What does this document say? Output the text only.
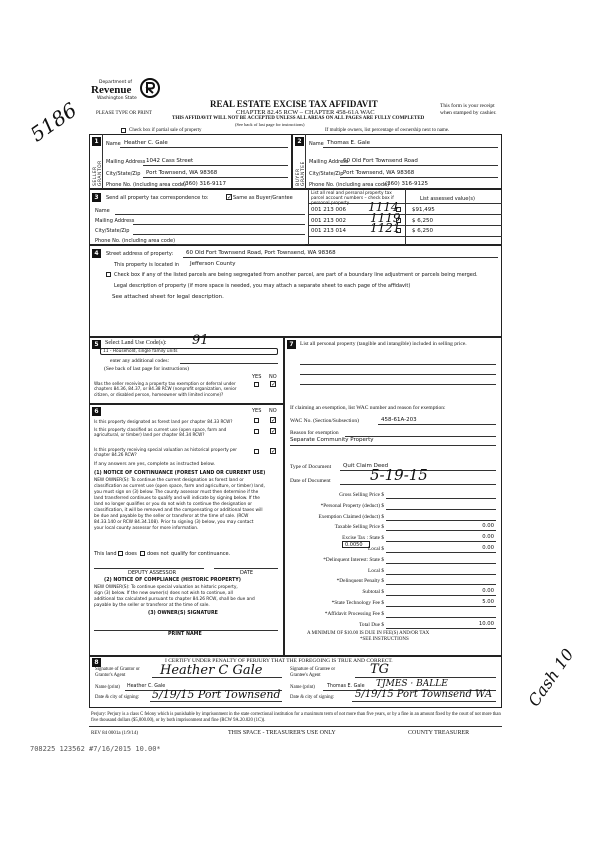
5186
Department of
Revenue
Washington State
REAL ESTATE EXCISE TAX AFFIDAVIT
CHAPTER 82.45 RCW – CHAPTER 458-61A WAC
THIS AFFIDAVIT WILL NOT BE ACCEPTED UNLESS ALL AREAS ON ALL PAGES ARE FULLY COMPLETED
(See back of last page for instructions)
PLEASE TYPE OR PRINT
This form is your receipt
when stamped by cashier.
Check box if partial sale of property	If multiple owners, list percentage of ownership next to name.
1	2
SELLER GRANTOR	BUYER GRANTEE
Name Heather C. Gale
Mailing Address 1042 Cass Street
City/State/Zip Port Townsend, WA 98368
Phone No. (including area code)
(360) 316-9117
Name Thomas E. Gale
Mailing Address
60 Old Fort Townsend Road
City/State/Zip Port Townsend, WA 98368
Phone No. (including area code)
(360) 316-9125
3	Send all property tax correspondence to:	✓ Same as Buyer/Grantee
Name
Mailing Address
City/State/Zip
Phone No. (including area code)
List all real and personal property tax parcel account numbers – check box if personal property
List assessed value(s)
001 213 006 1114 $91,495
001 213 002 1119 $ 6,250
001 213 014 1121 $ 6,250
4	Street address of property: 60 Old Fort Townsend Road, Port Townsend, WA 98368
This property is located in Jefferson County
Check box if any of the listed parcels are being segregated from another parcel, are part of a boundary line adjustment or parcels being merged.
Legal description of property (if more space is needed, you may attach a separate sheet to each page of the affidavit)
See attached sheet for legal description.
5	Select Land Use Code(s): 91
11 - Household, single family units
enter any additional codes:
(See back of last page for instructions)
YES NO
Was the seller receiving a property tax exemption or deferral under chapters 84.36, 84.37, or 84.38 RCW (nonprofit organization, senior citizen, or disabled person, homeowner with limited income)?
✓
6	YES NO
Is this property designated as forest land per chapter 84.33 RCW?	✓
Is this property classified as current use (open space, farm and agricultural, or timber) land per chapter 84.34 RCW?	✓
Is this property receiving special valuation as historical property per chapter 84.26 RCW?	✓
If any answers are yes, complete as instructed below.
(1) NOTICE OF CONTINUANCE (FOREST LAND OR CURRENT USE)
NEW OWNER(S): To continue the current designation as forest land or
classification as current use (open space, farm and agriculture, or timber) land,
you must sign on (3) below. The county assessor must then determine if the
land transferred continues to qualify and will indicate by signing below. If the
land no longer qualifies or you do not wish to continue the designation or
classification, it will be removed and the compensating or additional taxes will
be due and payable by the seller or transferor at the time of sale. (RCW
84.33.140 or RCW 84.34.108). Prior to signing (3) below, you may contact
your local county assessor for more information.
This land does does not qualify for continuance.
DEPUTY ASSESSOR	DATE
(2) NOTICE OF COMPLIANCE (HISTORIC PROPERTY)
NEW OWNER(S): To continue special valuation as historic property,
sign (3) below. If the new owner(s) does not wish to continue, all
additional tax calculated pursuant to chapter 84.26 RCW, shall be due and
payable by the seller or transferor at the time of sale.
(3) OWNER(S) SIGNATURE
PRINT NAME
7	List all personal property (tangible and intangible) included in selling price.
If claiming an exemption, list WAC number and reason for exemption:
WAC No. (Section/Subsection)	458-61A-203
Reason for exemption
Separate Community Property
Type of Document Quit Claim Deed
Date of Document	5-19-15
Gross Selling Price $
*Personal Property (deduct) $
Exemption Claimed (deduct) $
Taxable Selling Price $	0.00
Excise Tax : State $	0.00
Local $	0.00
*Delinquent Interest: State $
Local $
*Delinquent Penalty $
Subtotal $	0.00
*State Technology Fee $	5.00
*Affidavit Processing Fee $
Total Due $	10.00
0.0050
A MINIMUM OF $10.00 IS DUE IN FEE(S) AND/OR TAX
*SEE INSTRUCTIONS
8	I CERTIFY UNDER PENALTY OF PERJURY THAT THE FOREGOING IS TRUE AND CORRECT.
Signature of Grantor or Grantor's Agent	Heather C Gale
Name (print) Heather C. Gale
Date & city of signing: 5/19/15 Port Townsend
Signature of Grantee or Grantee's Agent	TG
Name (print)	Thomas E. Gale TJMES · BALLE
Date & city of signing: 5/19/15 Port Townsend WA
Perjury: Perjury is a class C felony which is punishable by imprisonment in the state correctional institution for a maximum term of not more than five years, or by a fine in an amount fixed by the court of not more than five thousand dollars ($5,000.00), or by both imprisonment and fine (RCW 9A.20.020 (1C)).
REV 84 0001a (1/9/14)	THIS SPACE - TREASURER'S USE ONLY	COUNTY TREASURER
708225 123562 #7/16/2015 10.00*
Cash 10
